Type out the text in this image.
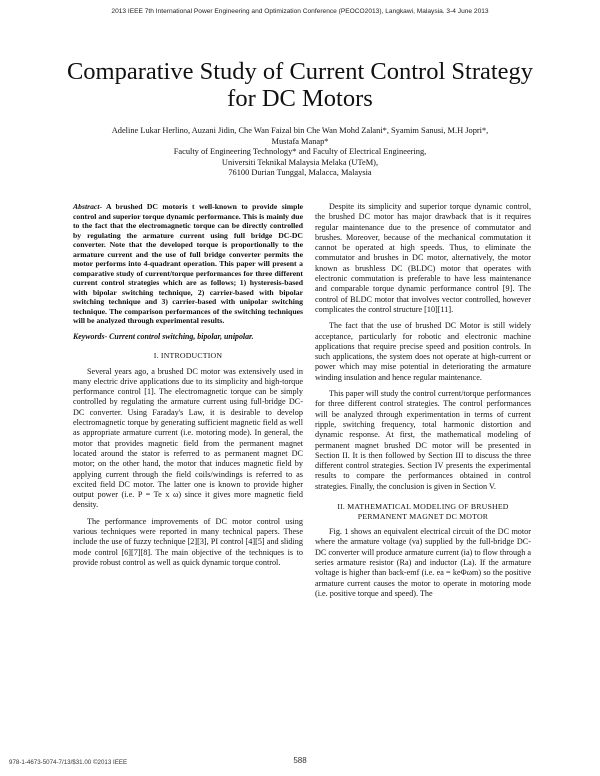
2013 IEEE 7th International Power Engineering and Optimization Conference (PEOCO2013), Langkawi, Malaysia. 3-4 June 2013
Comparative Study of Current Control Strategy
for DC Motors
Adeline Lukar Herlino, Auzani Jidin, Che Wan Faizal bin Che Wan Mohd Zalani*, Syamim Sanusi, M.H Jopri*,
Mustafa Manap*
Faculty of Engineering Technology* and Faculty of Electrical Engineering,
Universiti Teknikal Malaysia Melaka (UTeM),
76100 Durian Tunggal, Malacca, Malaysia

Abstract- A brushed DC motoris t well-known to provide simple control and superior torque dynamic performance. This is mainly due to the fact that the electromagnetic torque can be directly controlled by regulating the armature current using full bridge DC-DC converter. Note that the developed torque is proportionally to the armature current and the use of full bridge converter permits the motor performs into 4-quadrant operation. This paper will present a comparative study of current/torque performances for three different current control strategies which are as follows; 1) hysteresis-based with bipolar switching technique, 2) carrier-based with bipolar switching technique and 3) carrier-based with unipolar switching technique. The comparison performances of the switching techniques will be analyzed through experimental results.

Keywords- Current control switching, bipolar, unipolar.

I. INTRODUCTION

Several years ago, a brushed DC motor was extensively used in many electric drive applications due to its simplicity and high-torque performance control [1]. The electromagnetic torque can be simply controlled by regulating the armature current using full-bridge DC-DC converter. Using Faraday's Law, it is desirable to develop electromagnetic torque by generating sufficient magnetic field as well as appropriate armature current (i.e. motoring mode). In general, the motor that provides magnetic field from the permanent magnet located around the stator is referred to as permanent magnet DC motor; on the other hand, the motor that induces magnetic field by applying current through the field coils/windings is referred to as excited field DC motor. The latter one is known to provide higher output power (i.e. P = Te x ω) since it gives more magnetic field density.

The performance improvements of DC motor control using various techniques were reported in many technical papers. These include the use of fuzzy technique [2][3], PI control [4][5] and sliding mode control [6][7][8]. The main objective of the techniques is to provide robust control as well as quick dynamic torque control.

Despite its simplicity and superior torque dynamic control, the brushed DC motor has major drawback that is it requires regular maintenance due to the presence of commutator and brushes. Moreover, because of the mechanical commutation it cannot be operated at high speeds. Thus, to eliminate the commutator and brushes in DC motor, alternatively, the motor known as brushless DC (BLDC) motor that operates with electronic commutation is preferable to have less maintenance and comparable torque dynamic performance control [9]. The control of BLDC motor that involves vector controlled, however complicates the control structure [10][11].

The fact that the use of brushed DC Motor is still widely acceptance, particularly for robotic and electronic machine applications that require precise speed and position controls. In such applications, the system does not operate at high-current or power which may mise potential in deteriorating the armature winding insulation and hence regular maintenance.

This paper will study the control current/torque performances for three different control strategies. The control performances will be analyzed through experimentation in terms of current ripple, switching frequency, total harmonic distortion and dynamic response. At first, the mathematical modeling of permanent magnet brushed DC motor will be presented in Section II. It is then followed by Section III to discuss the three different control strategies. Section IV presents the experimental results to compare the performances obtained in control strategies. Finally, the conclusion is given in Section V.

II. MATHEMATICAL MODELING OF BRUSHED
PERMANENT MAGNET DC MOTOR

Fig. 1 shows an equivalent electrical circuit of the DC motor where the armature voltage (va) supplied by the full-bridge DC-DC converter will produce armature current (ia) to flow through a series armature resistor (Ra) and inductor (La). If the armature voltage is higher than back-emf (i.e. ea = keΦωm) so the positive armature current causes the motor to operate in motoring mode (i.e. positive torque and speed). The

978-1-4673-5074-7/13/$31.00 ©2013 IEEE	588
